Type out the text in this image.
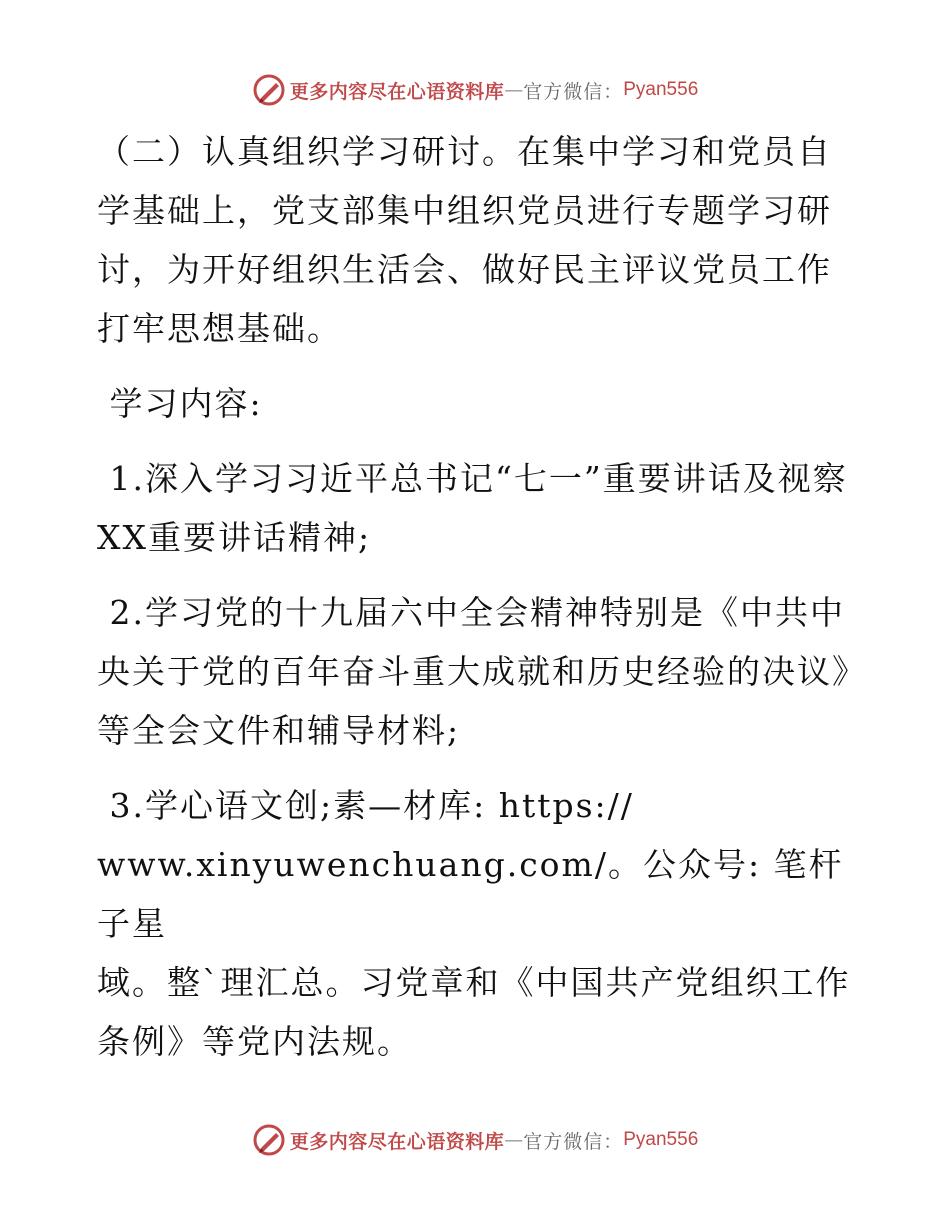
更多内容尽在心语资料库 — 官方微信： Pyan556

（二）认真组织学习研讨。在集中学习和党员自学基础上，党支部集中组织党员进行专题学习研讨，为开好组织生活会、做好民主评议党员工作打牢思想基础。

学习内容:

1.深入学习习近平总书记“七一”重要讲话及视察XX重要讲话精神;

2.学习党的十九届六中全会精神特别是《中共中央关于党的百年奋斗重大成就和历史经验的决议》等全会文件和辅导材料;

3.学心语文创;素—材库: https://

www.xinyuwenchuang.com/。公众号: 笔杆子星

域。整`理汇总。习党章和《中国共产党组织工作条例》等党内法规。

更多内容尽在心语资料库 — 官方微信： Pyan556
